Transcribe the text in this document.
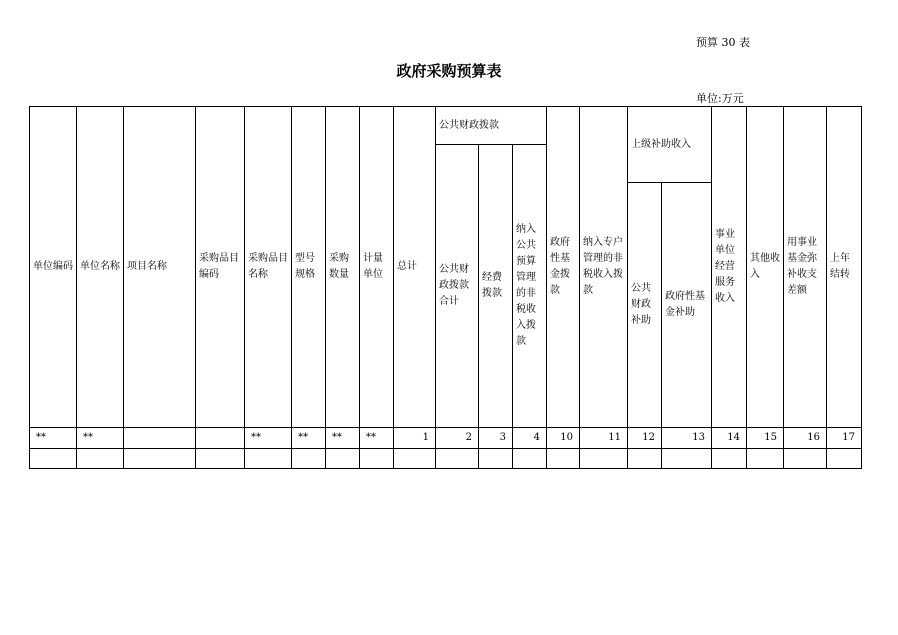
预算 30 表
政府采购预算表
单位:万元
单位编码	单位名称	项目名称	采购品目编码	采购品目名称	型号规格	采购数量	计量单位	总计	公共财政拨款			政府性基金拨款	纳入专户管理的非税收入拨款	上级补助收入		事业单位经营服务收入	其他收入	用事业基金弥补收支差额	上年结转
									公共财政拨款合计	经费拨款	纳入公共预算管理的非税收入拨款								
														公共财政补助	政府性基金补助				
**	**			**	**	**	**	1	2	3	4	10	11	12	13	14	15	16	17
